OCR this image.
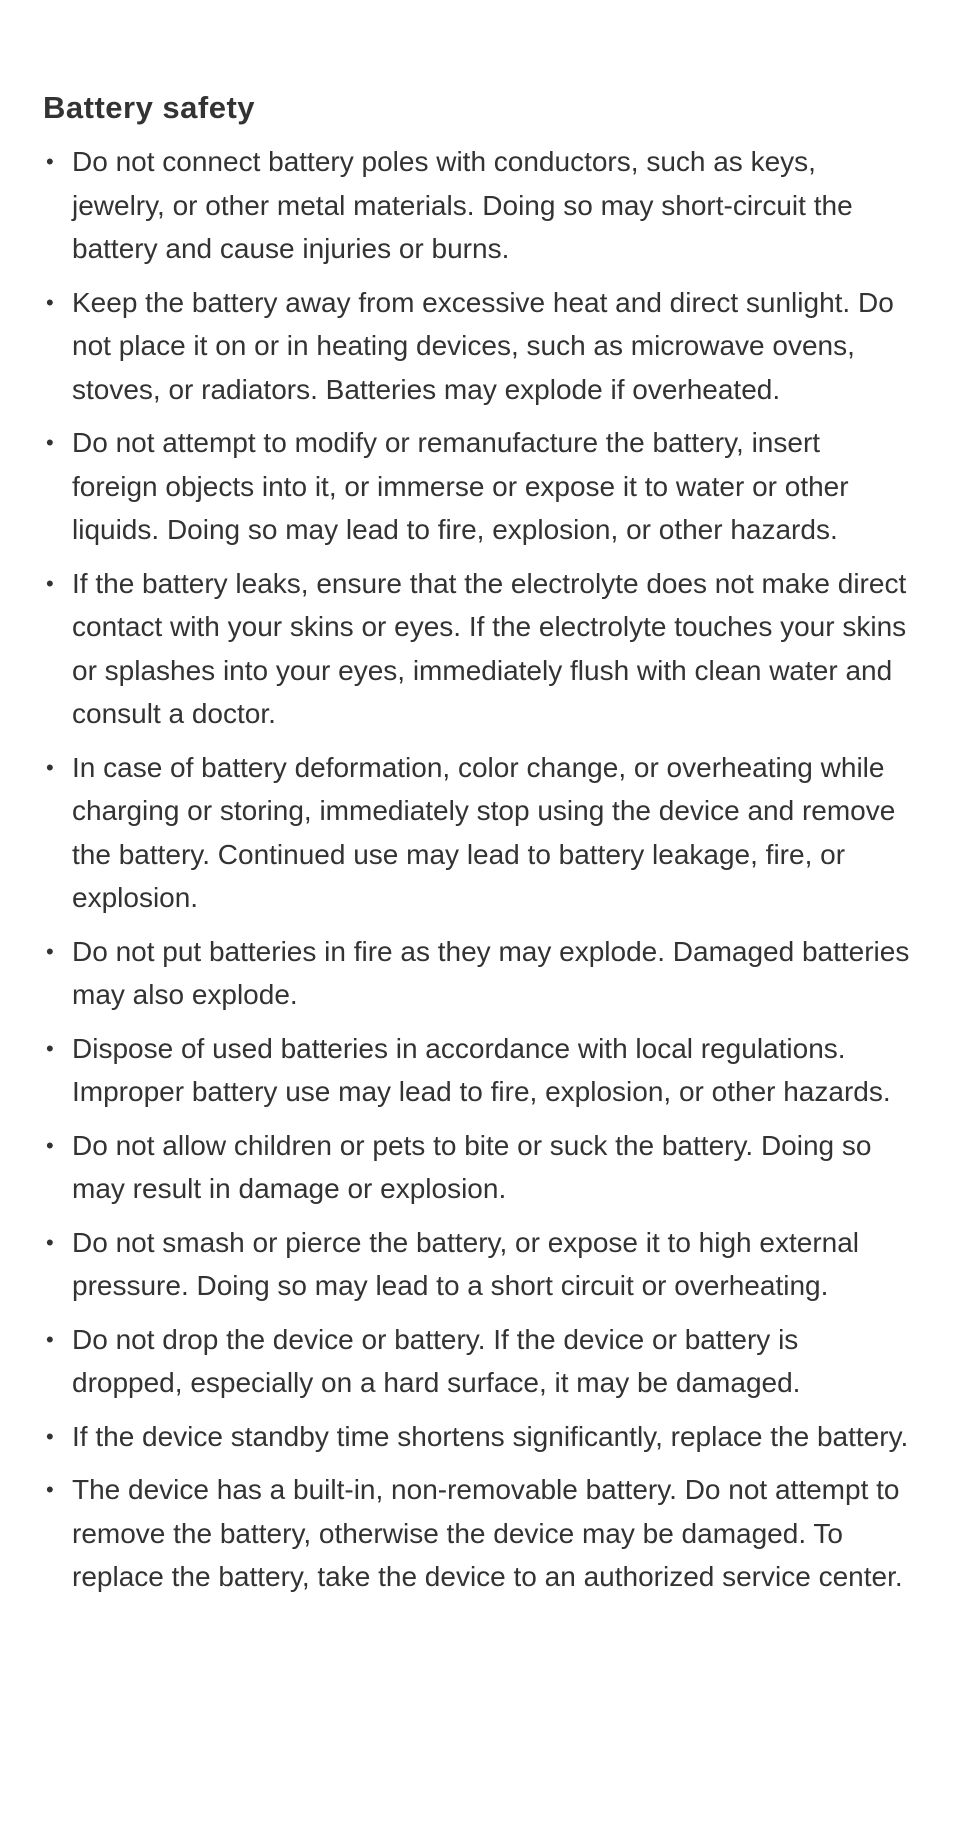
Battery safety
• Do not connect battery poles with conductors, such as keys, jewelry, or other metal materials. Doing so may short-circuit the battery and cause injuries or burns.
• Keep the battery away from excessive heat and direct sunlight. Do not place it on or in heating devices, such as microwave ovens, stoves, or radiators. Batteries may explode if overheated.
• Do not attempt to modify or remanufacture the battery, insert foreign objects into it, or immerse or expose it to water or other liquids. Doing so may lead to fire, explosion, or other hazards.
• If the battery leaks, ensure that the electrolyte does not make direct contact with your skins or eyes. If the electrolyte touches your skins or splashes into your eyes, immediately flush with clean water and consult a doctor.
• In case of battery deformation, color change, or overheating while charging or storing, immediately stop using the device and remove the battery. Continued use may lead to battery leakage, fire, or explosion.
• Do not put batteries in fire as they may explode. Damaged batteries may also explode.
• Dispose of used batteries in accordance with local regulations. Improper battery use may lead to fire, explosion, or other hazards.
• Do not allow children or pets to bite or suck the battery. Doing so may result in damage or explosion.
• Do not smash or pierce the battery, or expose it to high external pressure. Doing so may lead to a short circuit or overheating.
• Do not drop the device or battery. If the device or battery is dropped, especially on a hard surface, it may be damaged.
• If the device standby time shortens significantly, replace the battery.
• The device has a built-in, non-removable battery. Do not attempt to remove the battery, otherwise the device may be damaged. To replace the battery, take the device to an authorized service center.
